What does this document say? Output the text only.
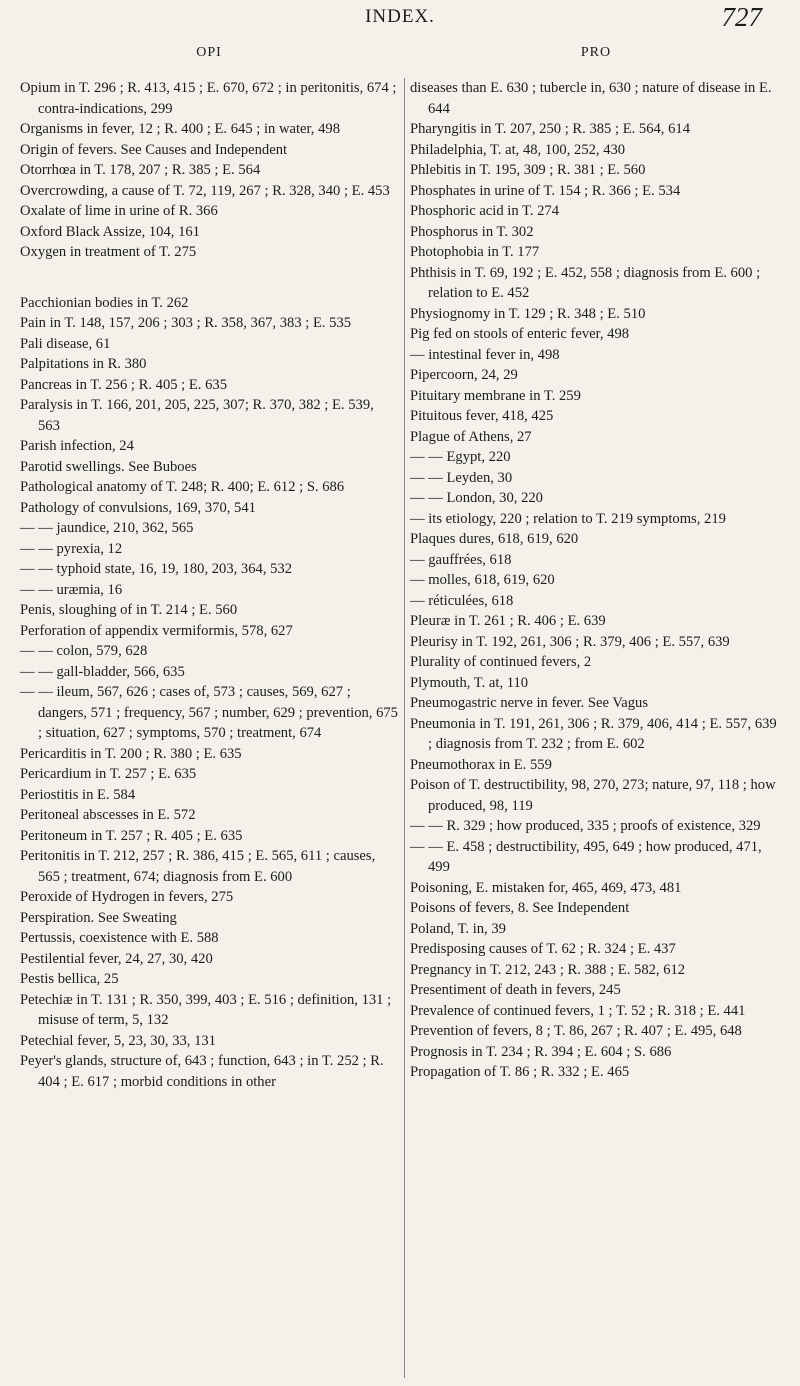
INDEX.	727
OPI

Opium in T. 296 ; R. 413, 415 ; E. 670, 672 ; in peritonitis, 674 ; contra-indications, 299

Organisms in fever, 12 ; R. 400 ; E. 645 ; in water, 498

Origin of fevers. See Causes and Independent

Otorrhœa in T. 178, 207 ; R. 385 ; E. 564

Overcrowding, a cause of T. 72, 119, 267 ; R. 328, 340 ; E. 453

Oxalate of lime in urine of R. 366

Oxford Black Assize, 104, 161

Oxygen in treatment of T. 275

Pacchionian bodies in T. 262

Pain in T. 148, 157, 206 ; 303 ; R. 358, 367, 383 ; E. 535

Pali disease, 61

Palpitations in R. 380

Pancreas in T. 256 ; R. 405 ; E. 635

Paralysis in T. 166, 201, 205, 225, 307; R. 370, 382 ; E. 539, 563

Parish infection, 24

Parotid swellings. See Buboes

Pathological anatomy of T. 248; R. 400; E. 612 ; S. 686

Pathology of convulsions, 169, 370, 541

— — jaundice, 210, 362, 565

— — pyrexia, 12

— — typhoid state, 16, 19, 180, 203, 364, 532

— — uræmia, 16

Penis, sloughing of in T. 214 ; E. 560

Perforation of appendix vermiformis, 578, 627

— — colon, 579, 628

— — gall-bladder, 566, 635

— — ileum, 567, 626 ; cases of, 573 ; causes, 569, 627 ; dangers, 571 ; frequency, 567 ; number, 629 ; prevention, 675 ; situation, 627 ; symptoms, 570 ; treatment, 674

Pericarditis in T. 200 ; R. 380 ; E. 635

Pericardium in T. 257 ; E. 635

Periostitis in E. 584

Peritoneal abscesses in E. 572

Peritoneum in T. 257 ; R. 405 ; E. 635

Peritonitis in T. 212, 257 ; R. 386, 415 ; E. 565, 611 ; causes, 565 ; treatment, 674; diagnosis from E. 600

Peroxide of Hydrogen in fevers, 275

Perspiration. See Sweating

Pertussis, coexistence with E. 588

Pestilential fever, 24, 27, 30, 420

Pestis bellica, 25

Petechiæ in T. 131 ; R. 350, 399, 403 ; E. 516 ; definition, 131 ; misuse of term, 5, 132

Petechial fever, 5, 23, 30, 33, 131

Peyer's glands, structure of, 643 ; function, 643 ; in T. 252 ; R. 404 ; E. 617 ; morbid conditions in other

PRO

diseases than E. 630 ; tubercle in, 630 ; nature of disease in E. 644

Pharyngitis in T. 207, 250 ; R. 385 ; E. 564, 614

Philadelphia, T. at, 48, 100, 252, 430

Phlebitis in T. 195, 309 ; R. 381 ; E. 560

Phosphates in urine of T. 154 ; R. 366 ; E. 534

Phosphoric acid in T. 274

Phosphorus in T. 302

Photophobia in T. 177

Phthisis in T. 69, 192 ; E. 452, 558 ; diagnosis from E. 600 ; relation to E. 452

Physiognomy in T. 129 ; R. 348 ; E. 510

Pig fed on stools of enteric fever, 498

— intestinal fever in, 498

Pipercoorn, 24, 29

Pituitary membrane in T. 259

Pituitous fever, 418, 425

Plague of Athens, 27

— — Egypt, 220

— — Leyden, 30

— — London, 30, 220

— its etiology, 220 ; relation to T. 219 symptoms, 219

Plaques dures, 618, 619, 620

— gauffrées, 618

— molles, 618, 619, 620

— réticulées, 618

Pleuræ in T. 261 ; R. 406 ; E. 639

Pleurisy in T. 192, 261, 306 ; R. 379, 406 ; E. 557, 639

Plurality of continued fevers, 2

Plymouth, T. at, 110

Pneumogastric nerve in fever. See Vagus

Pneumonia in T. 191, 261, 306 ; R. 379, 406, 414 ; E. 557, 639 ; diagnosis from T. 232 ; from E. 602

Pneumothorax in E. 559

Poison of T. destructibility, 98, 270, 273; nature, 97, 118 ; how produced, 98, 119

— — R. 329 ; how produced, 335 ; proofs of existence, 329

— — E. 458 ; destructibility, 495, 649 ; how produced, 471, 499

Poisoning, E. mistaken for, 465, 469, 473, 481

Poisons of fevers, 8. See Independent

Poland, T. in, 39

Predisposing causes of T. 62 ; R. 324 ; E. 437

Pregnancy in T. 212, 243 ; R. 388 ; E. 582, 612

Presentiment of death in fevers, 245

Prevalence of continued fevers, 1 ; T. 52 ; R. 318 ; E. 441

Prevention of fevers, 8 ; T. 86, 267 ; R. 407 ; E. 495, 648

Prognosis in T. 234 ; R. 394 ; E. 604 ; S. 686

Propagation of T. 86 ; R. 332 ; E. 465
